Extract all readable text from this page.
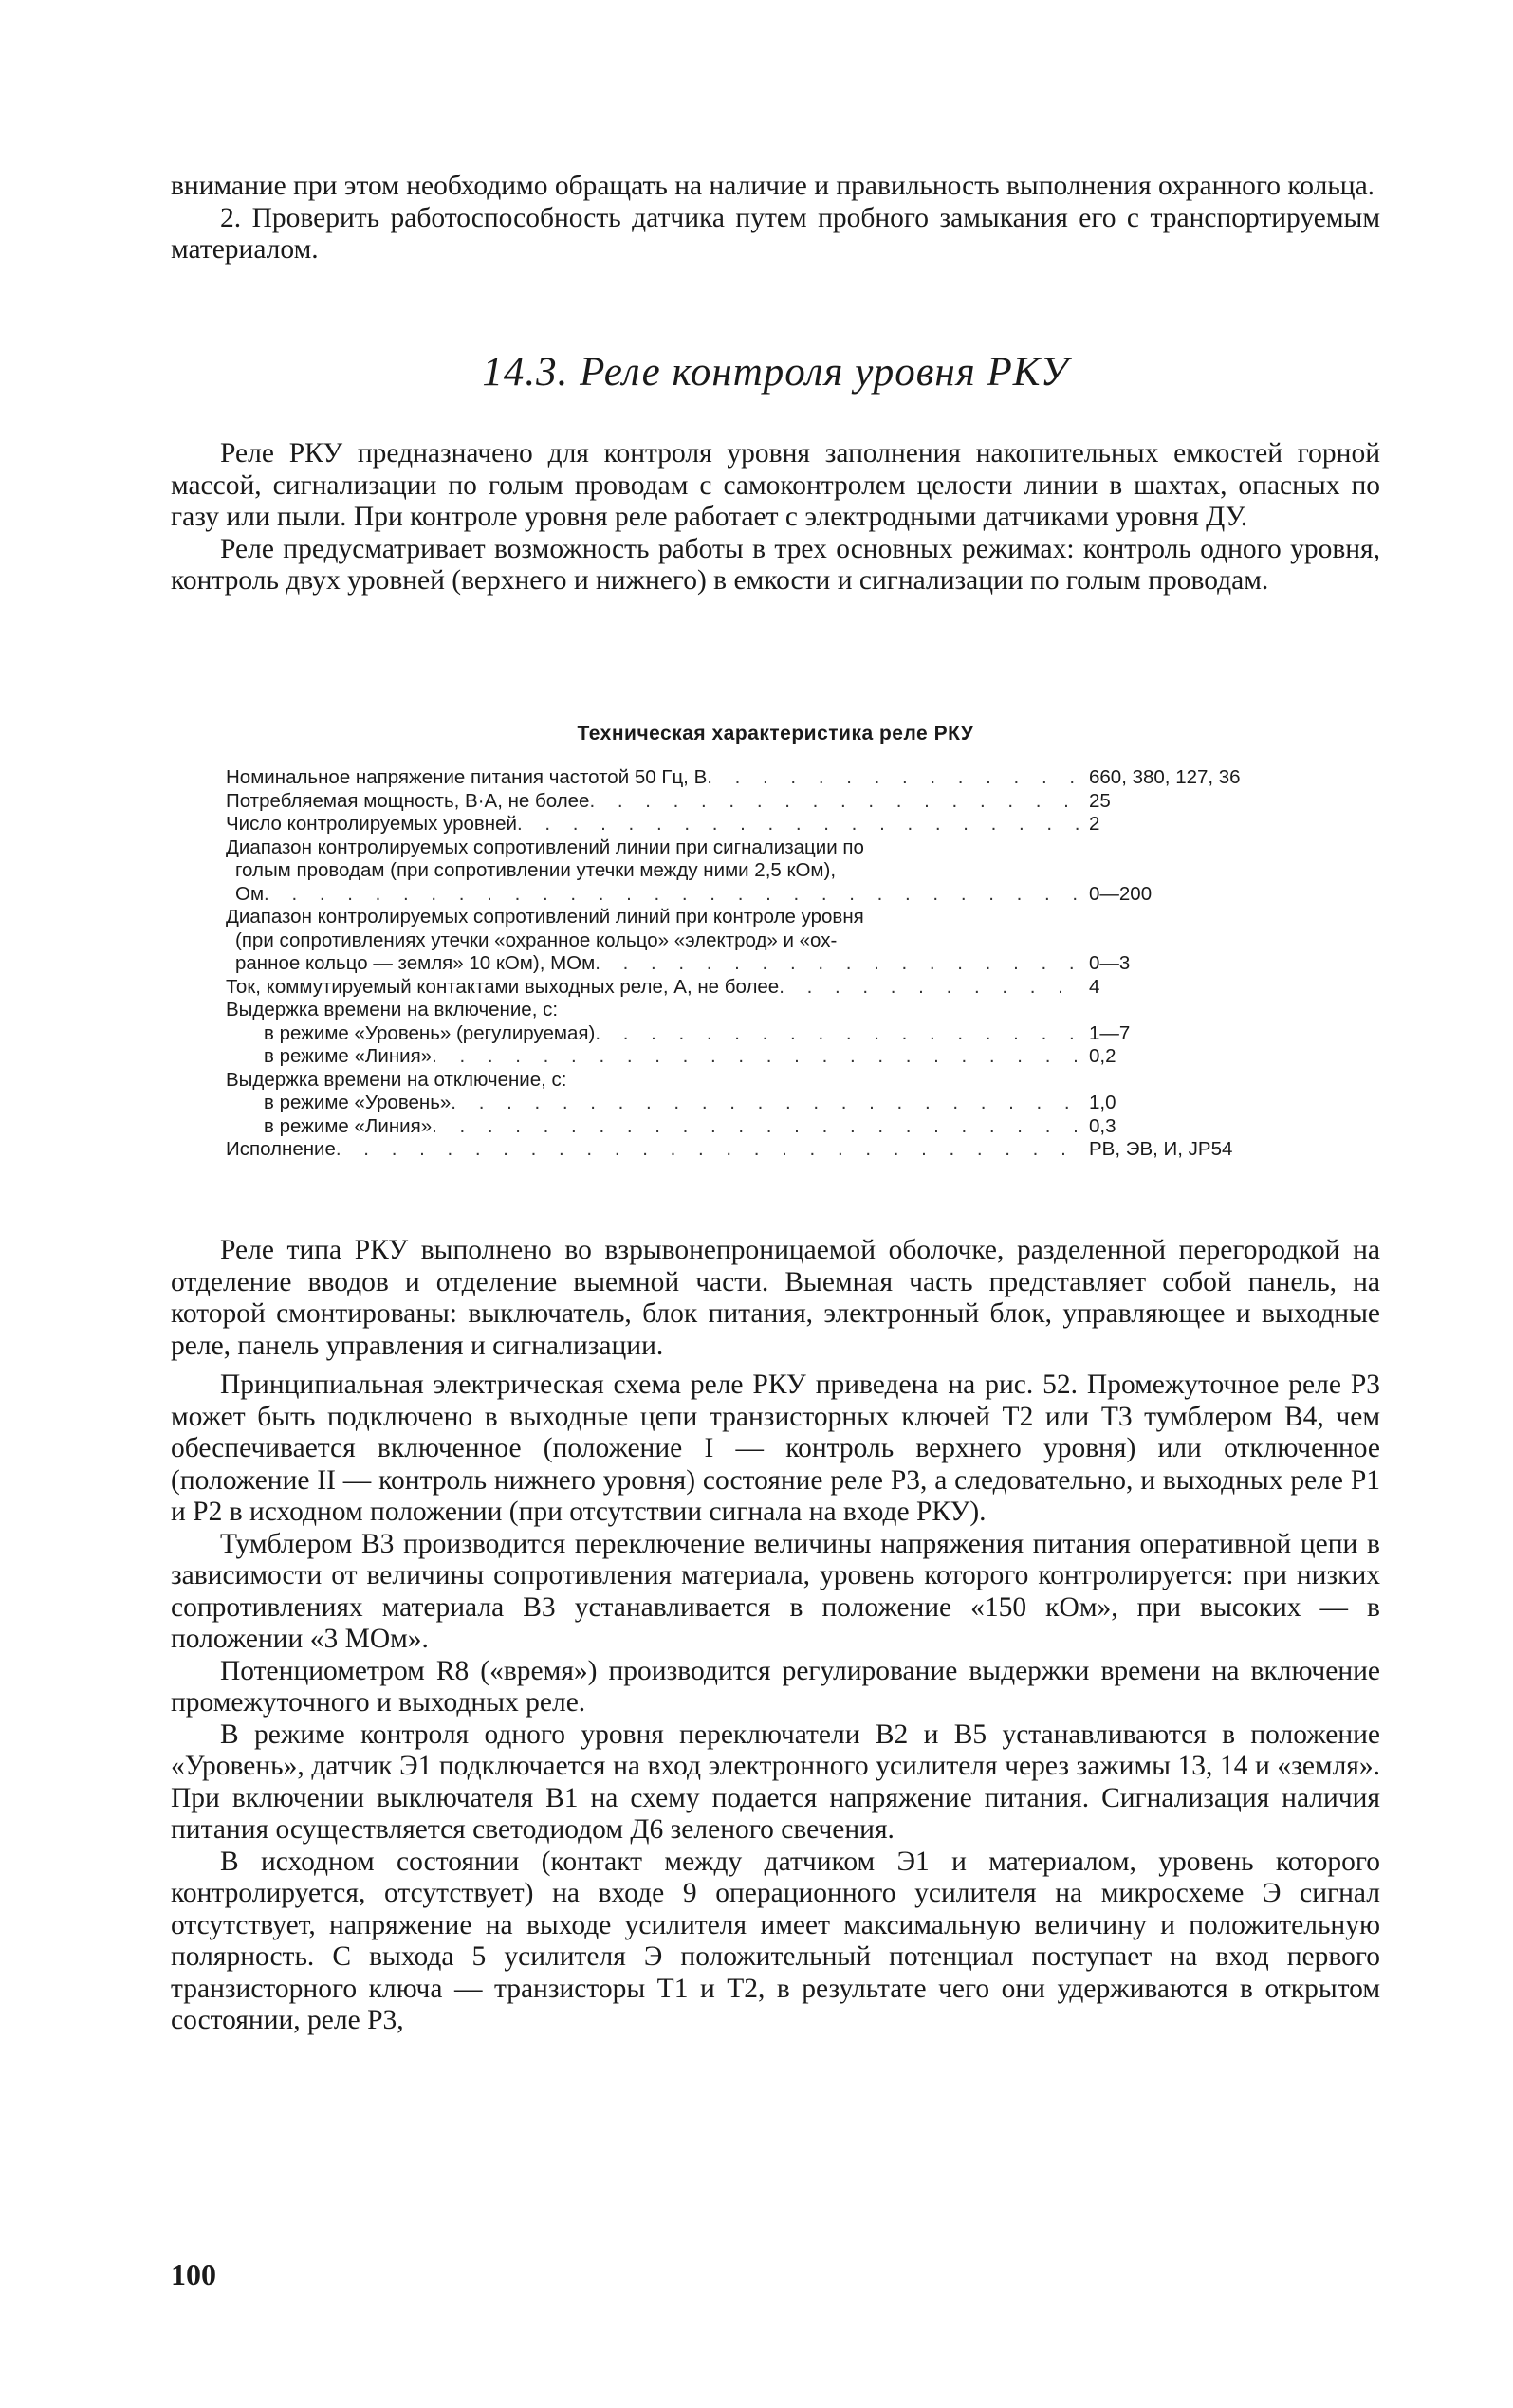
внимание при этом необходимо обращать на наличие и правильность выполнения охранного кольца.

2. Проверить работоспособность датчика путем пробного замыкания его с транспортируемым материалом.

14.3. Реле контроля уровня РКУ

Реле РКУ предназначено для контроля уровня заполнения накопительных емкостей горной массой, сигнализации по голым проводам с самоконтролем целости линии в шахтах, опасных по газу или пыли. При контроле уровня реле работает с электродными датчиками уровня ДУ.

Реле предусматривает возможность работы в трех основных режимах: контроль одного уровня, контроль двух уровней (верхнего и нижнего) в емкости и сигнализации по голым проводам.

Техническая характеристика реле РКУ
Номинальное напряжение питания частотой 50 Гц, В . . .	660, 380, 127, 36
Потребляемая мощность, В·А, не более . . .	25
Число контролируемых уровней . . .	2
Диапазон контролируемых сопротивлений линии при сигнализации по
голым проводам (при сопротивлении утечки между ними 2,5 кОм),
Ом . . .	0—200
Диапазон контролируемых сопротивлений линий при контроле уровня
(при сопротивлениях утечки «охранное кольцо» «электрод» и «ох-
ранное кольцо — земля» 10 кОм), МОм . . .	0—3
Ток, коммутируемый контактами выходных реле, А, не более . . .	4
Выдержка времени на включение, с:
в режиме «Уровень» (регулируемая) . . .	1—7
в режиме «Линия» . . .	0,2
Выдержка времени на отключение, с:
в режиме «Уровень» . . .	1,0
в режиме «Линия» . . .	0,3
Исполнение . . .	РВ, ЭВ, И, JP54

Реле типа РКУ выполнено во взрывонепроницаемой оболочке, разделенной перегородкой на отделение вводов и отделение выемной части. Выемная часть представляет собой панель, на которой смонтированы: выключатель, блок питания, электронный блок, управляющее и выходные реле, панель управления и сигнализации.

Принципиальная электрическая схема реле РКУ приведена на рис. 52. Промежуточное реле Р3 может быть подключено в выходные цепи транзисторных ключей Т2 или Т3 тумблером В4, чем обеспечивается включенное (положение I — контроль верхнего уровня) или отключенное (положение II — контроль нижнего уровня) состояние реле Р3, а следовательно, и выходных реле Р1 и Р2 в исходном положении (при отсутствии сигнала на входе РКУ).

Тумблером В3 производится переключение величины напряжения питания оперативной цепи в зависимости от величины сопротивления материала, уровень которого контролируется: при низких сопротивлениях материала В3 устанавливается в положение «150 кОм», при высоких — в положении «3 МОм».

Потенциометром R8 («время») производится регулирование выдержки времени на включение промежуточного и выходных реле.

В режиме контроля одного уровня переключатели В2 и В5 устанавливаются в положение «Уровень», датчик Э1 подключается на вход электронного усилителя через зажимы 13, 14 и «земля». При включении выключателя В1 на схему подается напряжение питания. Сигнализация наличия питания осуществляется светодиодом Д6 зеленого свечения.

В исходном состоянии (контакт между датчиком Э1 и материалом, уровень которого контролируется, отсутствует) на входе 9 операционного усилителя на микросхеме Э сигнал отсутствует, напряжение на выходе усилителя имеет максимальную величину и положительную полярность. С выхода 5 усилителя Э положительный потенциал поступает на вход первого транзисторного ключа — транзисторы Т1 и Т2, в результате чего они удерживаются в открытом состоянии, реле Р3,

100
